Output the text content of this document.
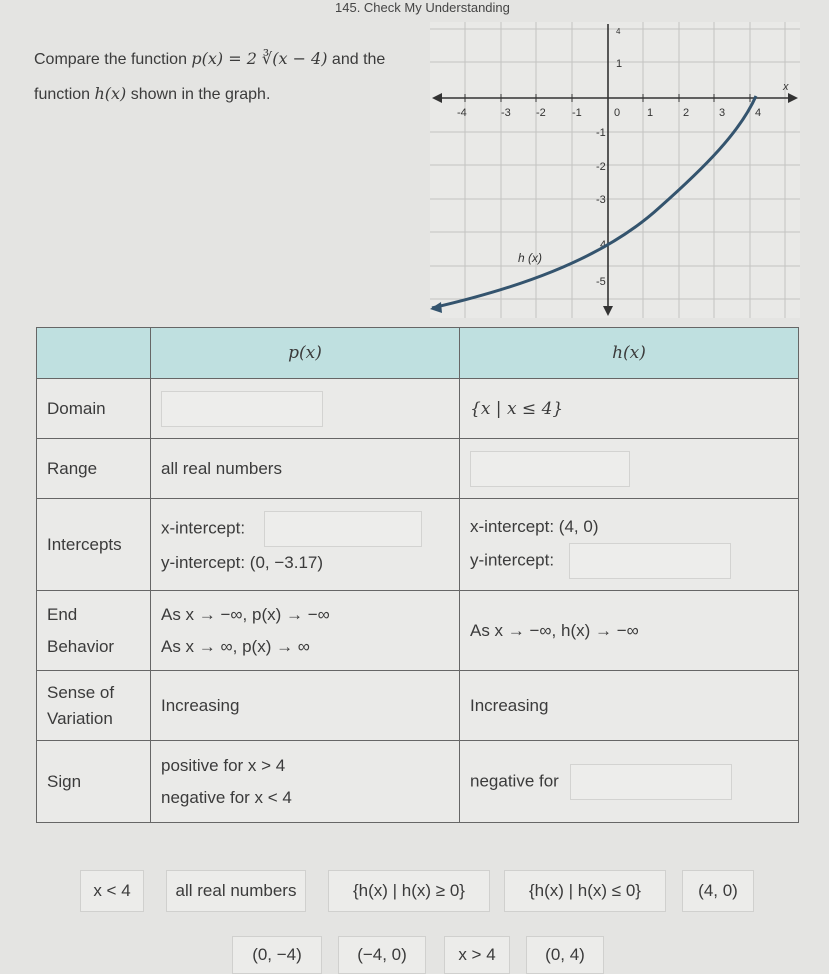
145. Check My Understanding
Compare the function p(x) = 2 ∛(x − 4) and the function h(x) shown in the graph.
-4	-3 -2 -1	0 1	2	3	4
4
1
-1
-2
-3
4
-5
x
h (x)
	p(x)	h(x)
Domain		{x | x ≤ 4}
Range	all real numbers	
Intercepts	x-intercept:
y-intercept: (0, −3.17)	x-intercept: (4, 0)
y-intercept:

End
Behavior	As x → −∞, p(x) → −∞
As x → ∞, p(x) → ∞	As x → −∞, h(x) → −∞

Sense of
Variation	Increasing	Increasing
Sign	positive for x > 4
negative for x < 4	negative for
x < 4	all real numbers	{h(x) | h(x) ≥ 0}	{h(x) | h(x) ≤ 0}	(4, 0)
(0, −4)	(−4, 0)	x > 4	(0, 4)
